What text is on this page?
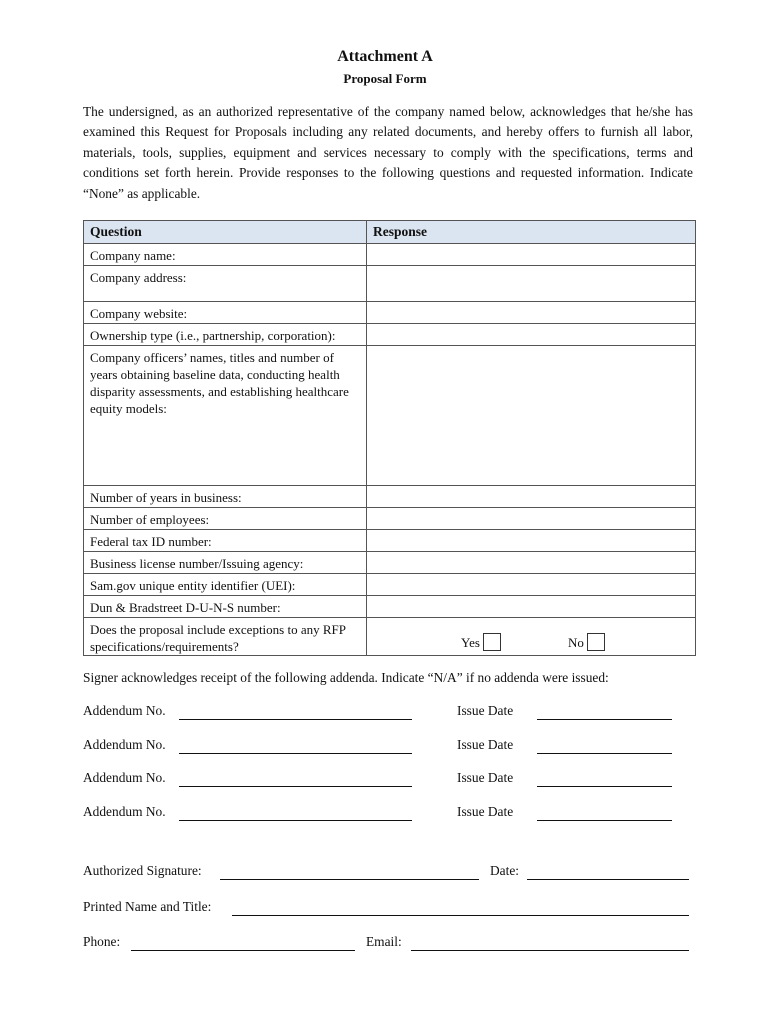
Attachment A
Proposal Form
The undersigned, as an authorized representative of the company named below, acknowledges that he/she has examined this Request for Proposals including any related documents, and hereby offers to furnish all labor, materials, tools, supplies, equipment and services necessary to comply with the specifications, terms and conditions set forth herein. Provide responses to the following questions and requested information. Indicate “None” as applicable.
Question	Response
Company name:	
Company address:	
Company website:	
Ownership type (i.e., partnership, corporation):	
Company officers’ names, titles and number of years obtaining baseline data, conducting health disparity assessments, and establishing healthcare equity models:	
Number of years in business:	
Number of employees:	
Federal tax ID number:	
Business license number/Issuing agency:	
Sam.gov unique entity identifier (UEI):	
Dun & Bradstreet D-U-N-S number:	
Does the proposal include exceptions to any RFP specifications/requirements?	Yes No
Signer acknowledges receipt of the following addenda. Indicate “N/A” if no addenda were issued:
Addendum No.	Issue Date
Addendum No.	Issue Date
Addendum No.	Issue Date
Addendum No.	Issue Date
Authorized Signature:	Date:
Printed Name and Title:
Phone:	Email:
